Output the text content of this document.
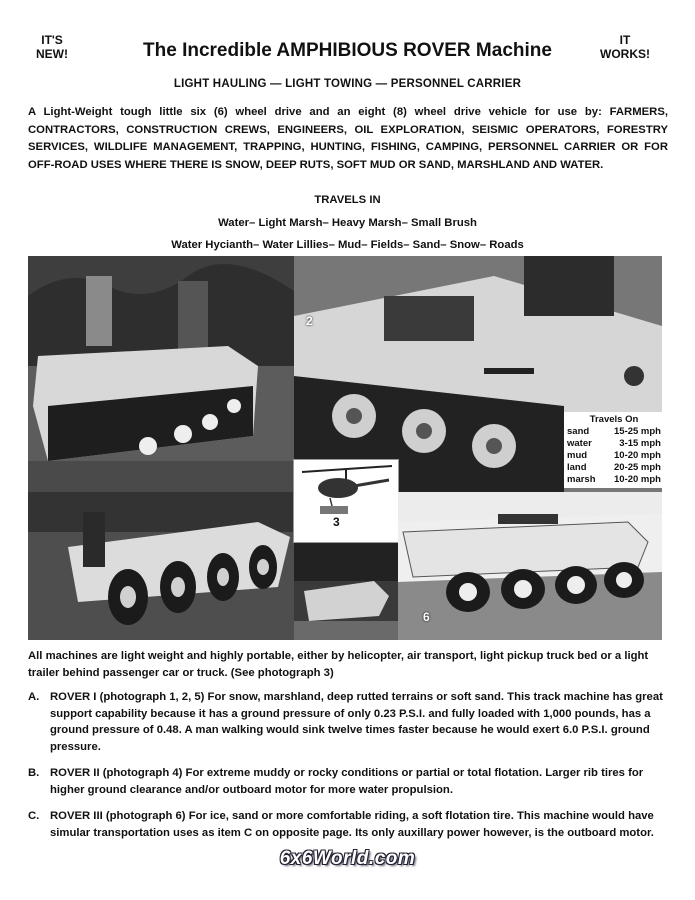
IT'S
NEW!	The Incredible AMPHIBIOUS ROVER Machine	IT
WORKS!
LIGHT HAULING — LIGHT TOWING — PERSONNEL CARRIER
A Light-Weight tough little six (6) wheel drive and an eight (8) wheel drive vehicle for use by: FARMERS, CONTRACTORS, CONSTRUCTION CREWS, ENGINEERS, OIL EXPLORATION, SEISMIC OPERATORS, FORESTRY SERVICES, WILDLIFE MANAGEMENT, TRAPPING, HUNTING, FISHING, CAMPING, PERSONNEL CARRIER OR FOR OFF-ROAD USES WHERE THERE IS SNOW, DEEP RUTS, SOFT MUD OR SAND, MARSHLAND AND WATER.
TRAVELS IN
Water– Light Marsh– Heavy Marsh– Small Brush
Water Hycianth– Water Lillies– Mud– Fields– Sand– Snow– Roads
2
Travels On
sand	15-25 mph
water	3-15 mph
mud	10-20 mph
land	20-25 mph
marsh 10-20 mph
3
6
All machines are light weight and highly portable, either by helicopter, air transport, light pickup truck bed or a light trailer behind passenger car or truck. (See photograph 3)
A. ROVER I (photograph 1, 2, 5) For snow, marshland, deep rutted terrains or soft sand. This track machine has great support capability because it has a ground pressure of only 0.23 P.S.I. and fully loaded with 1,000 pounds, has a ground pressure of 0.48. A man walking would sink twelve times faster because he would exert 6.0 P.S.I. ground pressure.
B. ROVER II (photograph 4) For extreme muddy or rocky conditions or partial or total flotation. Larger rib tires for higher ground clearance and/or outboard motor for more water propulsion.
C. ROVER III (photograph 6) For ice, sand or more comfortable riding, a soft flotation tire. This machine would have simular transportation uses as item C on opposite page. Its only auxillary power however, is the outboard motor.
6x6World.com
